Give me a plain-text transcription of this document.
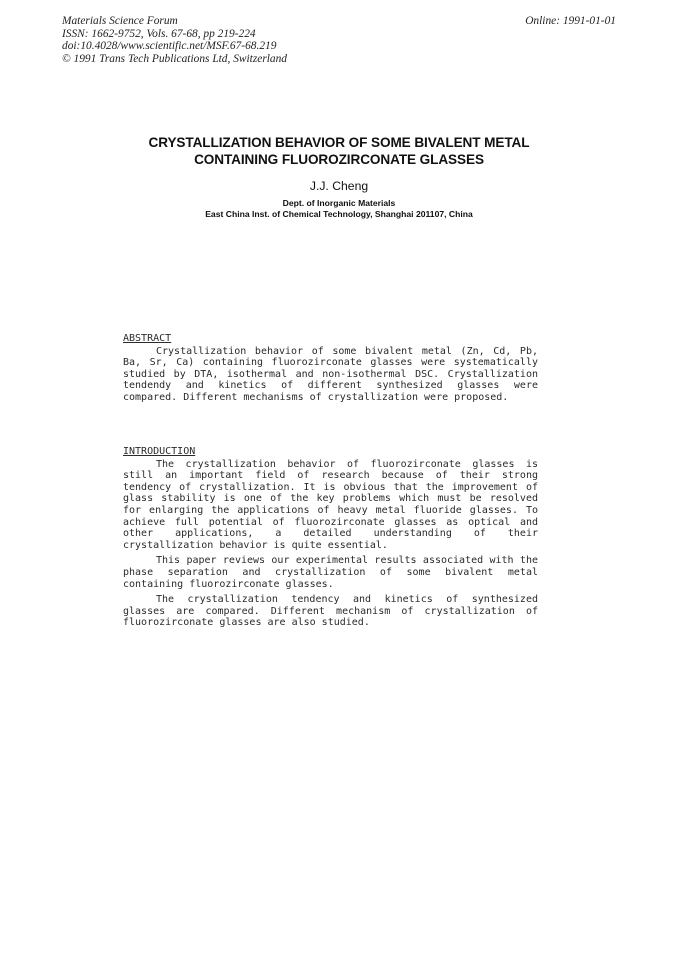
Materials Science Forum
ISSN: 1662-9752, Vols. 67-68, pp 219-224
doi:10.4028/www.scientific.net/MSF.67-68.219
© 1991 Trans Tech Publications Ltd, Switzerland
Online: 1991-01-01
CRYSTALLIZATION BEHAVIOR OF SOME BIVALENT METAL
CONTAINING FLUOROZIRCONATE GLASSES
J.J. Cheng
Dept. of Inorganic Materials
East China Inst. of Chemical Technology, Shanghai 201107, China
ABSTRACT

Crystallization behavior of some bivalent metal (Zn, Cd, Pb, Ba, Sr, Ca) containing fluorozirconate glasses were systematically studied by DTA, isothermal and non-isothermal DSC. Crystallization tendendy and kinetics of different synthesized glasses were compared. Different mechanisms of crystallization were proposed.

INTRODUCTION

The crystallization behavior of fluorozirconate glasses is still an important field of research because of their strong tendency of crystallization. It is obvious that the improvement of glass stability is one of the key problems which must be resolved for enlarging the applications of heavy metal fluoride glasses. To achieve full potential of fluorozirconate glasses as optical and other applications, a detailed understanding of their crystallization behavior is quite essential.

This paper reviews our experimental results associated with the phase separation and crystallization of some bivalent metal containing fluorozirconate glasses.

The crystallization tendency and kinetics of synthesized glasses are compared. Different mechanism of crystallization of fluorozirconate glasses are also studied.
